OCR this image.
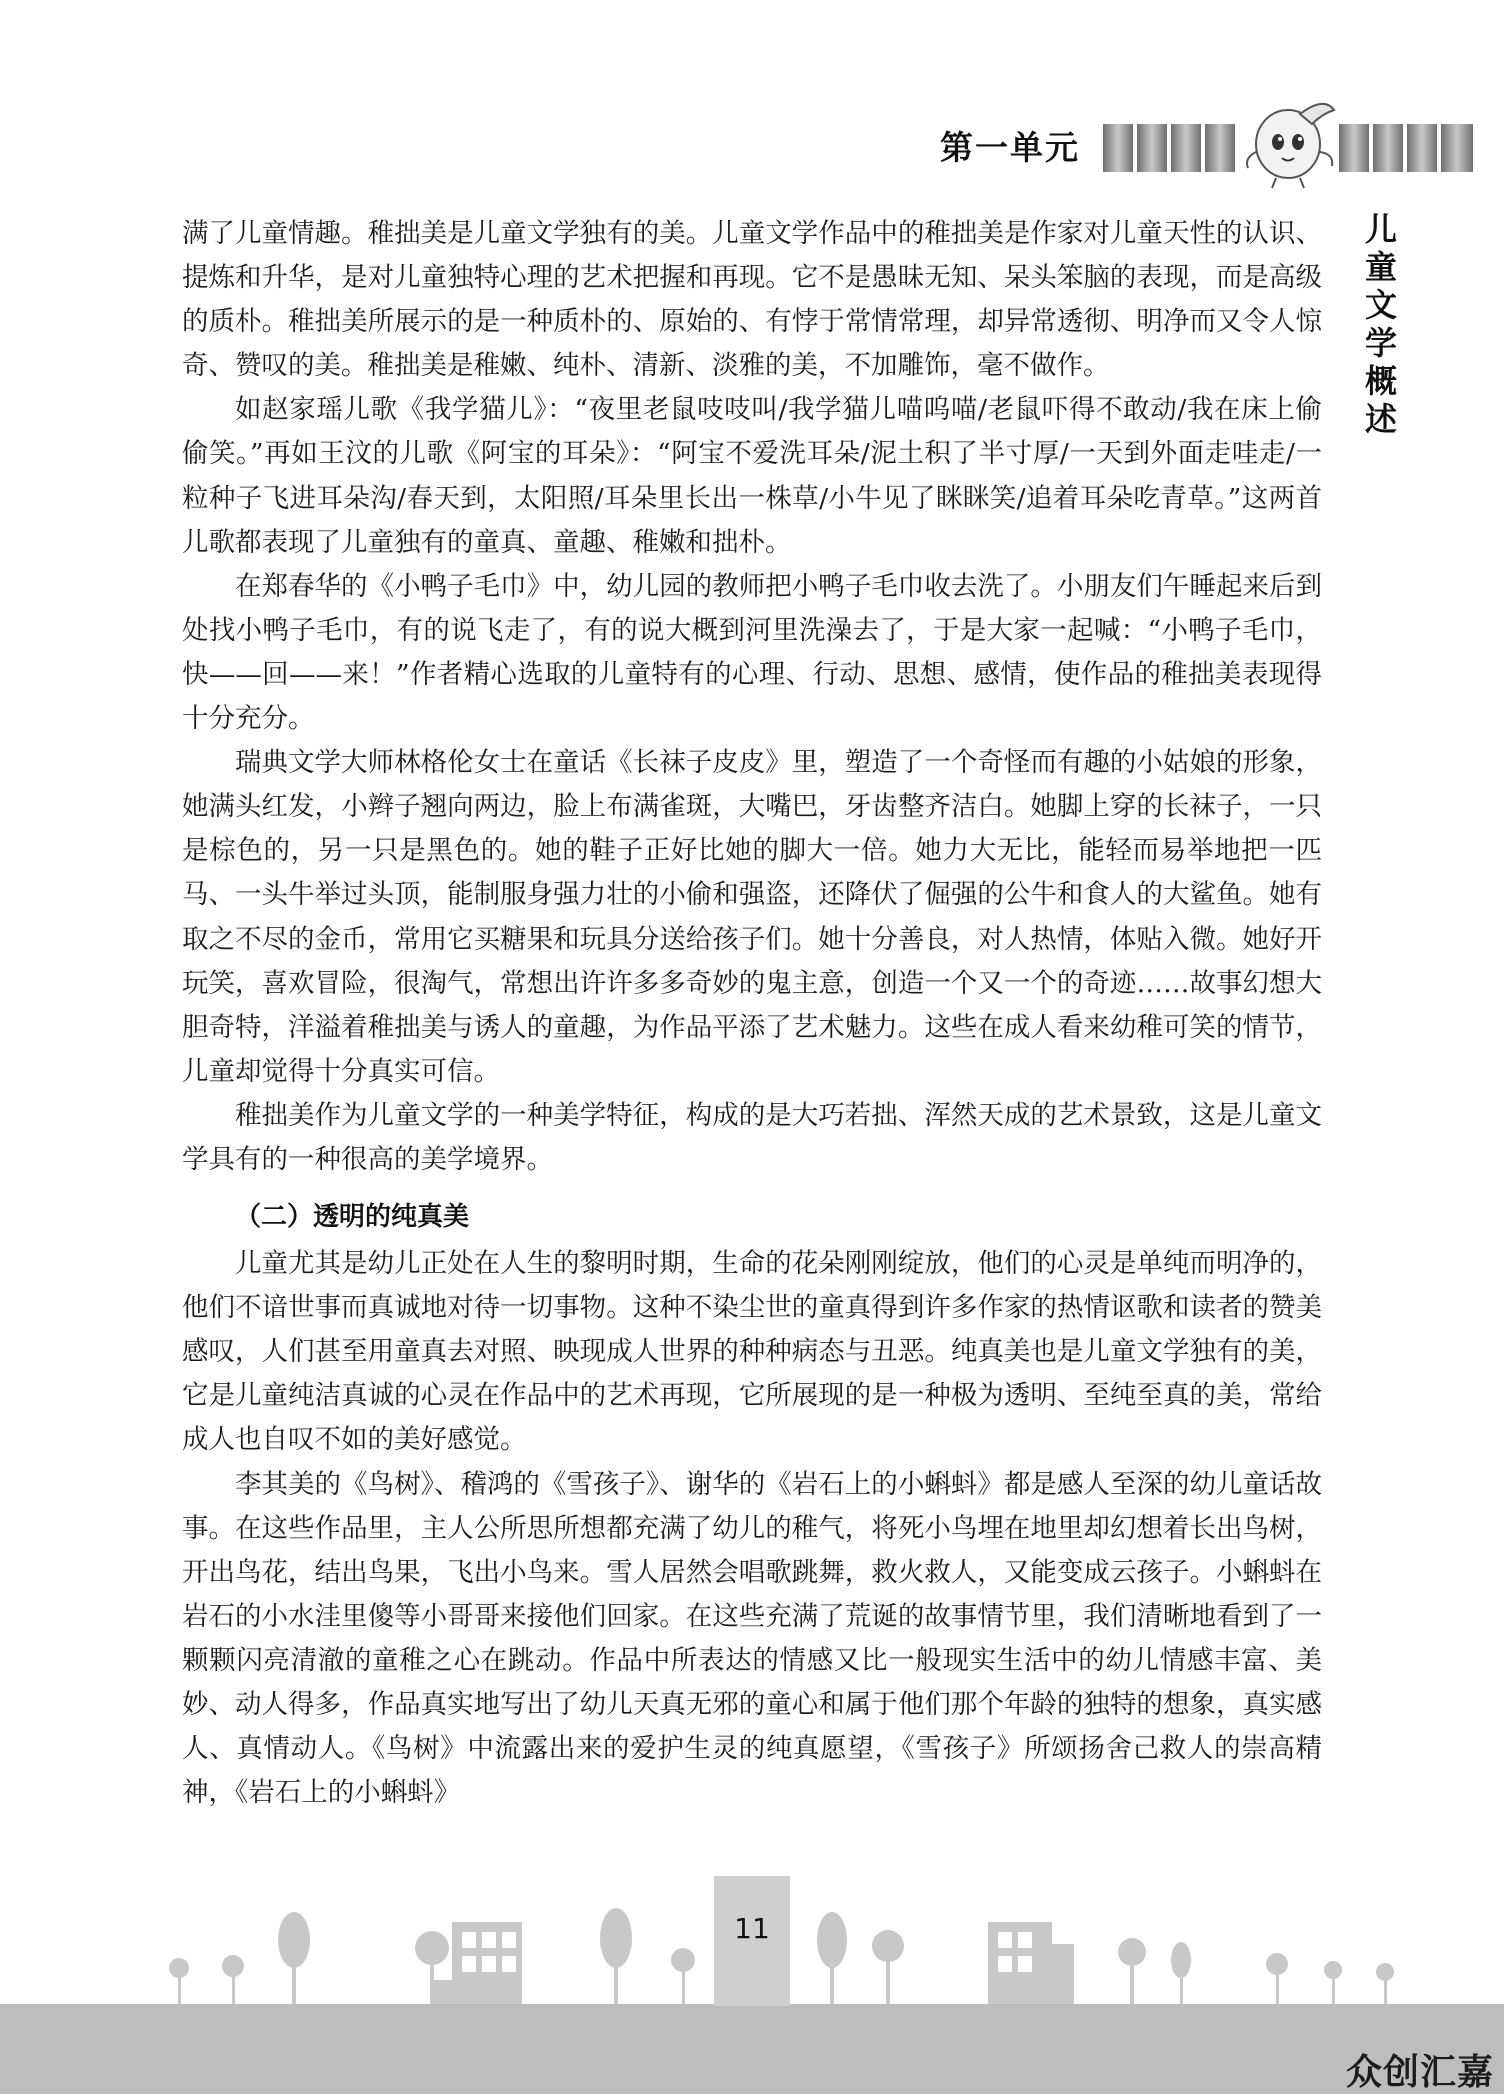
第一单元
儿童文学概述

满了儿童情趣。稚拙美是儿童文学独有的美。儿童文学作品中的稚拙美是作家对儿童天性的认识、提炼和升华，是对儿童独特心理的艺术把握和再现。它不是愚昧无知、呆头笨脑的表现，而是高级的质朴。稚拙美所展示的是一种质朴的、原始的、有悖于常情常理，却异常透彻、明净而又令人惊奇、赞叹的美。稚拙美是稚嫩、纯朴、清新、淡雅的美，不加雕饰，毫不做作。

如赵家瑶儿歌《我学猫儿》：“夜里老鼠吱吱叫/我学猫儿喵呜喵/老鼠吓得不敢动/我在床上偷偷笑。”再如王汶的儿歌《阿宝的耳朵》：“阿宝不爱洗耳朵/泥土积了半寸厚/一天到外面走哇走/一粒种子飞进耳朵沟/春天到，太阳照/耳朵里长出一株草/小牛见了眯眯笑/追着耳朵吃青草。”这两首儿歌都表现了儿童独有的童真、童趣、稚嫩和拙朴。

在郑春华的《小鸭子毛巾》中，幼儿园的教师把小鸭子毛巾收去洗了。小朋友们午睡起来后到处找小鸭子毛巾，有的说飞走了，有的说大概到河里洗澡去了，于是大家一起喊：“小鸭子毛巾，快——回——来！”作者精心选取的儿童特有的心理、行动、思想、感情，使作品的稚拙美表现得十分充分。

瑞典文学大师林格伦女士在童话《长袜子皮皮》里，塑造了一个奇怪而有趣的小姑娘的形象，她满头红发，小辫子翘向两边，脸上布满雀斑，大嘴巴，牙齿整齐洁白。她脚上穿的长袜子，一只是棕色的，另一只是黑色的。她的鞋子正好比她的脚大一倍。她力大无比，能轻而易举地把一匹马、一头牛举过头顶，能制服身强力壮的小偷和强盗，还降伏了倔强的公牛和食人的大鲨鱼。她有取之不尽的金币，常用它买糖果和玩具分送给孩子们。她十分善良，对人热情，体贴入微。她好开玩笑，喜欢冒险，很淘气，常想出许许多多奇妙的鬼主意，创造一个又一个的奇迹……故事幻想大胆奇特，洋溢着稚拙美与诱人的童趣，为作品平添了艺术魅力。这些在成人看来幼稚可笑的情节，儿童却觉得十分真实可信。

稚拙美作为儿童文学的一种美学特征，构成的是大巧若拙、浑然天成的艺术景致，这是儿童文学具有的一种很高的美学境界。

（二）透明的纯真美

儿童尤其是幼儿正处在人生的黎明时期，生命的花朵刚刚绽放，他们的心灵是单纯而明净的，他们不谙世事而真诚地对待一切事物。这种不染尘世的童真得到许多作家的热情讴歌和读者的赞美感叹，人们甚至用童真去对照、映现成人世界的种种病态与丑恶。纯真美也是儿童文学独有的美，它是儿童纯洁真诚的心灵在作品中的艺术再现，它所展现的是一种极为透明、至纯至真的美，常给成人也自叹不如的美好感觉。

李其美的《鸟树》、稽鸿的《雪孩子》、谢华的《岩石上的小蝌蚪》都是感人至深的幼儿童话故事。在这些作品里，主人公所思所想都充满了幼儿的稚气，将死小鸟埋在地里却幻想着长出鸟树，开出鸟花，结出鸟果，飞出小鸟来。雪人居然会唱歌跳舞，救火救人，又能变成云孩子。小蝌蚪在岩石的小水洼里傻等小哥哥来接他们回家。在这些充满了荒诞的故事情节里，我们清晰地看到了一颗颗闪亮清澈的童稚之心在跳动。作品中所表达的情感又比一般现实生活中的幼儿情感丰富、美妙、动人得多，作品真实地写出了幼儿天真无邪的童心和属于他们那个年龄的独特的想象，真实感人、真情动人。《鸟树》中流露出来的爱护生灵的纯真愿望，《雪孩子》所颂扬舍己救人的崇高精神，《岩石上的小蝌蚪》

11
众创汇嘉
